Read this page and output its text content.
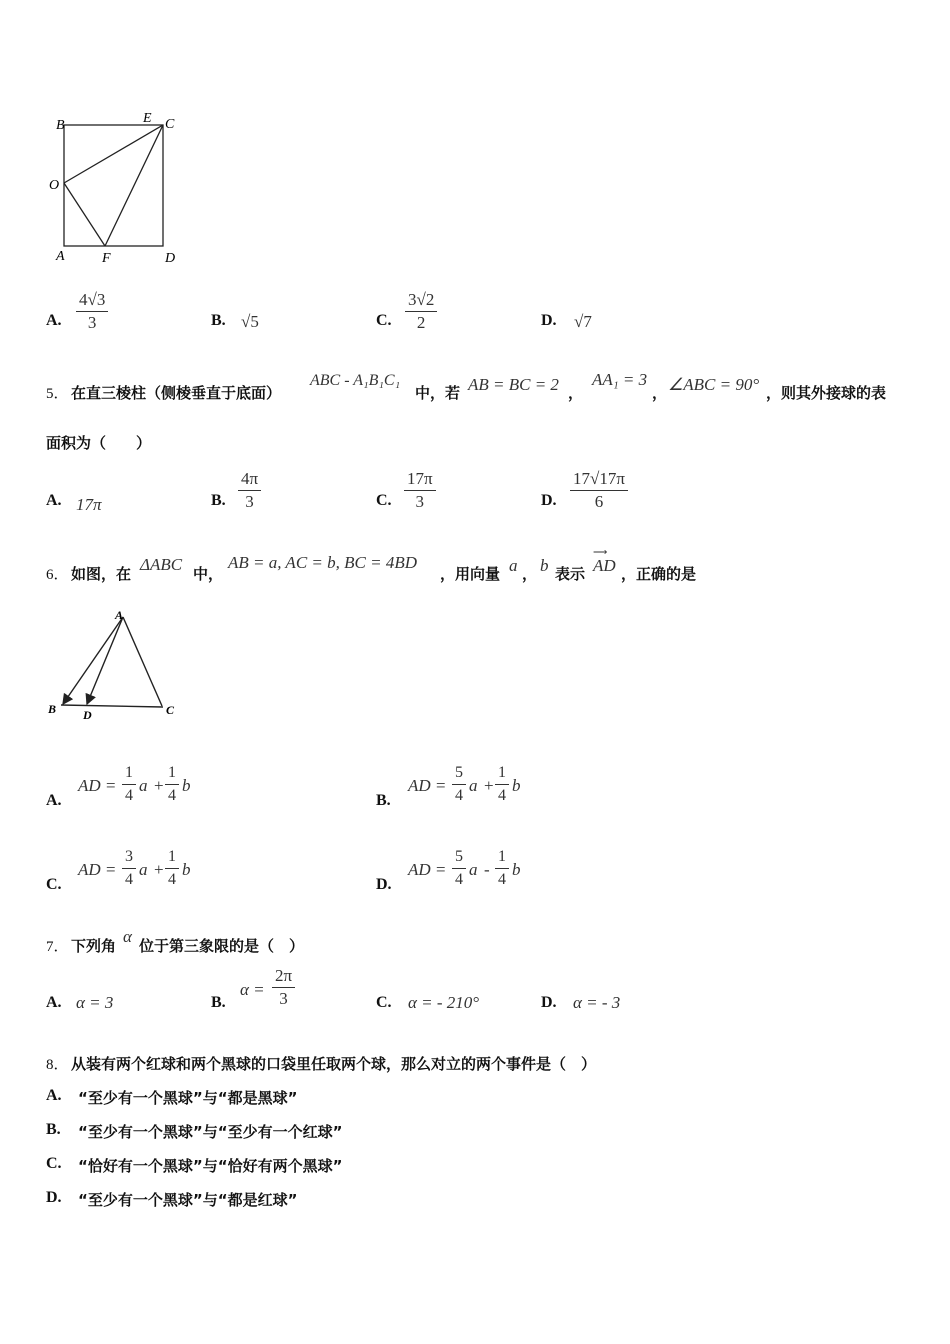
B	E C
O
A	F	D
A. $\frac{4√3}{3}$	B. √5	C. $\frac{3√2}{2}$	D. √7
5． 在直三棱柱（侧棱垂直于底面）
ABC - A₁B₁C₁
中，若 AB = BC = 2 ，
AA₁ = 3
， ∠ABC = 90° ，则其外接球的表
面积为（　　）
A. 17π	B. $\frac{4\pi}{3}$	C. $\frac{17\pi}{3}$	D. $\frac{17√17\pi}{6}$
6． 如图，在 ΔABC 中，
AB = a, AC = b, BC = 4BD
，用向量 a ， b 表示
⟶
AD ，正确的是
A
B D	C
A.
AD = $\frac{1}{4}$ $a + \frac{1}{4}$ b
B.
AD = $\frac{5}{4}$ $a + \frac{1}{4}$ b
C.
AD = $\frac{3}{4}$ $a + \frac{1}{4}$ b
D.
AD = $\frac{5}{4}$ a - $\frac{1}{4}$ b
7． 下列角 α 位于第三象限的是（　）
A. α = 3	B.
$\alpha = \frac{2\pi}{3}$	C. α = - 210°	D. α = - 3
8． 从装有两个红球和两个黑球的口袋里任取两个球，那么对立的两个事件是（　）
A. “至少有一个黑球”与“都是黑球”
B. “至少有一个黑球”与“至少有一个红球”
C. “恰好有一个黑球”与“恰好有两个黑球”
D. “至少有一个黑球”与“都是红球”
